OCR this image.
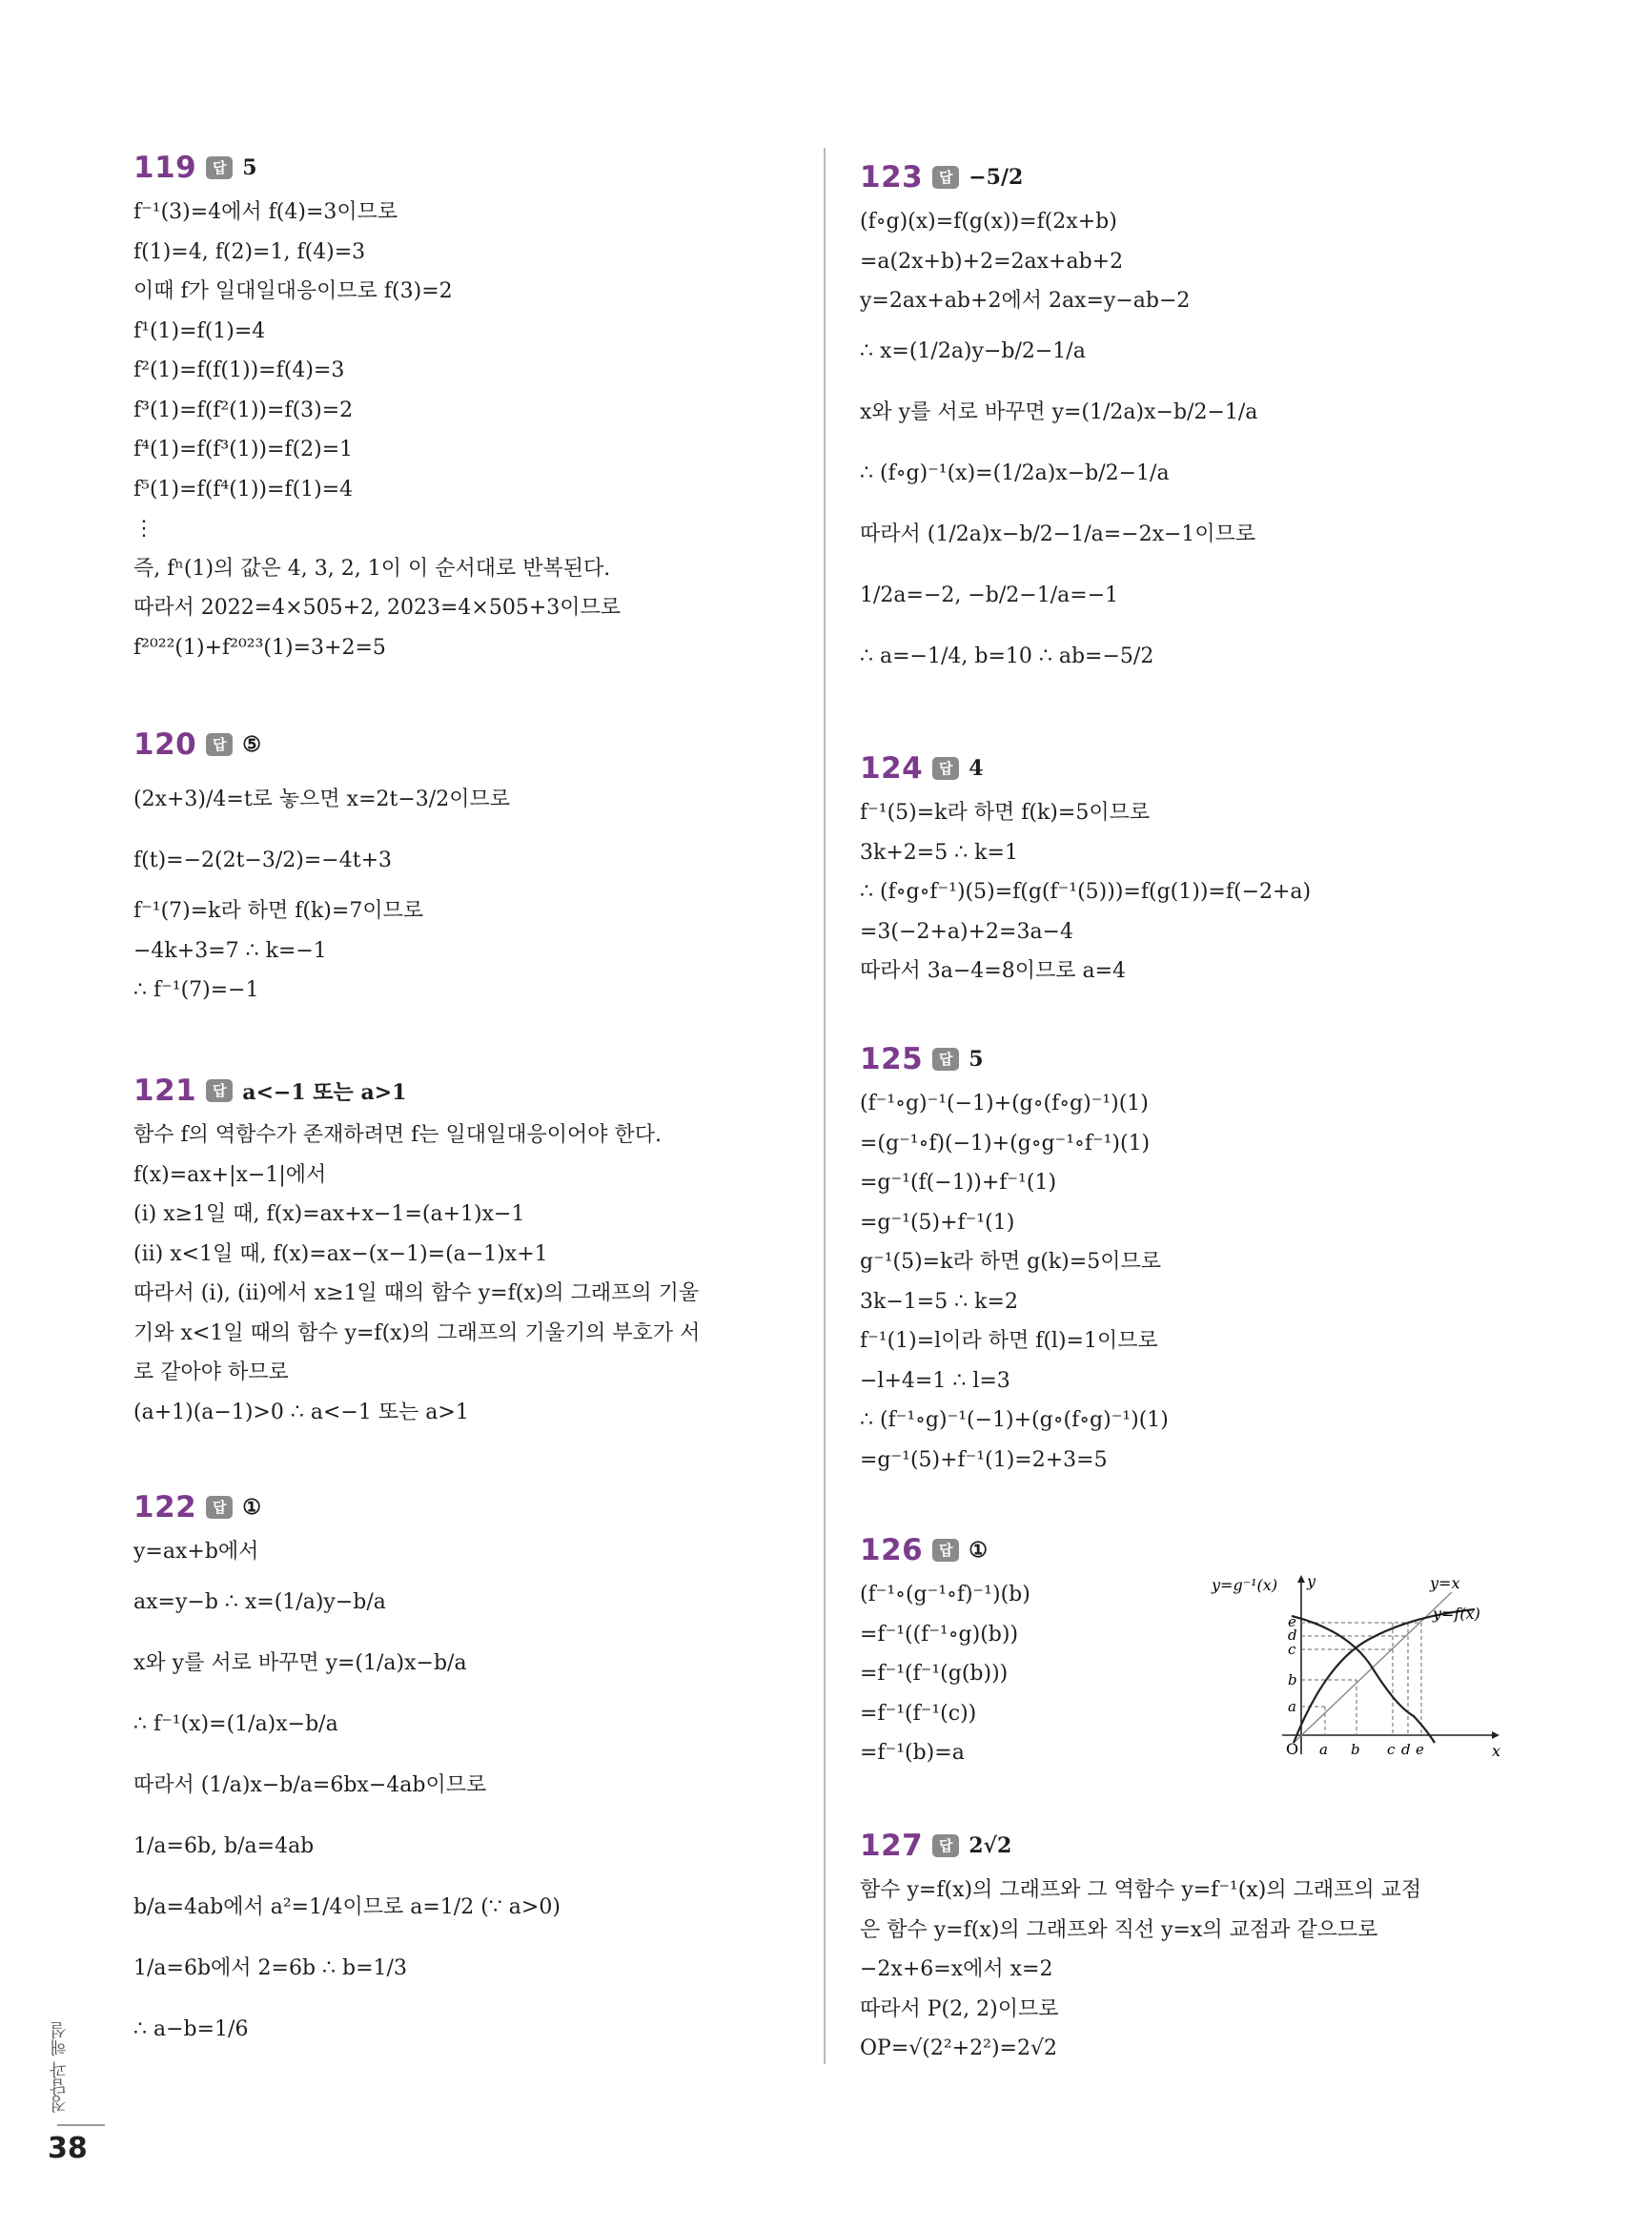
119	답 5
f⁻¹(3)=4에서 f(4)=3이므로
f(1)=4, f(2)=1, f(4)=3
이때 f가 일대일대응이므로 f(3)=2
f¹(1)=f(1)=4
f²(1)=f(f(1))=f(4)=3
f³(1)=f(f²(1))=f(3)=2
f⁴(1)=f(f³(1))=f(2)=1
f⁵(1)=f(f⁴(1))=f(1)=4
⋮
즉, fⁿ(1)의 값은 4, 3, 2, 1이 이 순서대로 반복된다.
따라서 2022=4×505+2, 2023=4×505+3이므로
f²⁰²²(1)+f²⁰²³(1)=3+2=5
120	답 ⑤
(2x+3)/4=t로 놓으면 x=2t−3/2이므로
f(t)=−2(2t−3/2)=−4t+3
f⁻¹(7)=k라 하면 f(k)=7이므로
−4k+3=7 ∴ k=−1
∴ f⁻¹(7)=−1
121	답 a<−1 또는 a>1
함수 f의 역함수가 존재하려면 f는 일대일대응이어야 한다.
f(x)=ax+|x−1|에서
(ⅰ) x≥1일 때, f(x)=ax+x−1=(a+1)x−1
(ⅱ) x<1일 때, f(x)=ax−(x−1)=(a−1)x+1
따라서 (ⅰ), (ⅱ)에서 x≥1일 때의 함수 y=f(x)의 그래프의 기울
기와 x<1일 때의 함수 y=f(x)의 그래프의 기울기의 부호가 서
로 같아야 하므로
(a+1)(a−1)>0 ∴ a<−1 또는 a>1
122	답 ①
y=ax+b에서
ax=y−b ∴ x=(1/a)y−b/a
x와 y를 서로 바꾸면 y=(1/a)x−b/a
∴ f⁻¹(x)=(1/a)x−b/a
따라서 (1/a)x−b/a=6bx−4ab이므로
1/a=6b, b/a=4ab
b/a=4ab에서 a²=1/4이므로 a=1/2 (∵ a>0)
1/a=6b에서 2=6b ∴ b=1/3
∴ a−b=1/6
123	답 −5/2
(f∘g)(x)=f(g(x))=f(2x+b)
=a(2x+b)+2=2ax+ab+2
y=2ax+ab+2에서 2ax=y−ab−2
∴ x=(1/2a)y−b/2−1/a
x와 y를 서로 바꾸면 y=(1/2a)x−b/2−1/a
∴ (f∘g)⁻¹(x)=(1/2a)x−b/2−1/a
따라서 (1/2a)x−b/2−1/a=−2x−1이므로
1/2a=−2, −b/2−1/a=−1
∴ a=−1/4, b=10 ∴ ab=−5/2
124	답 4
f⁻¹(5)=k라 하면 f(k)=5이므로
3k+2=5 ∴ k=1
∴ (f∘g∘f⁻¹)(5)=f(g(f⁻¹(5)))=f(g(1))=f(−2+a)
=3(−2+a)+2=3a−4
따라서 3a−4=8이므로 a=4
125	답 5
(f⁻¹∘g)⁻¹(−1)+(g∘(f∘g)⁻¹)(1)
=(g⁻¹∘f)(−1)+(g∘g⁻¹∘f⁻¹)(1)
=g⁻¹(f(−1))+f⁻¹(1)
=g⁻¹(5)+f⁻¹(1)
g⁻¹(5)=k라 하면 g(k)=5이므로
3k−1=5 ∴ k=2
f⁻¹(1)=l이라 하면 f(l)=1이므로
−l+4=1 ∴ l=3
∴ (f⁻¹∘g)⁻¹(−1)+(g∘(f∘g)⁻¹)(1)
=g⁻¹(5)+f⁻¹(1)=2+3=5
126	답 ①
(f⁻¹∘(g⁻¹∘f)⁻¹)(b)
=f⁻¹((f⁻¹∘g)(b))
=f⁻¹(f⁻¹(g(b)))
=f⁻¹(f⁻¹(c))
=f⁻¹(b)=a
127	답 2√2
함수 y=f(x)의 그래프와 그 역함수 y=f⁻¹(x)의 그래프의 교점
은 함수 y=f(x)의 그래프와 직선 y=x의 교점과 같으므로
−2x+6=x에서 x=2
따라서 P(2, 2)이므로
OP=√(2²+2²)=2√2
y=g⁻¹(x)	y=x
y=f(x)
y
x
O a b c d e
e
d
c
b
a
정답과 해설
38
